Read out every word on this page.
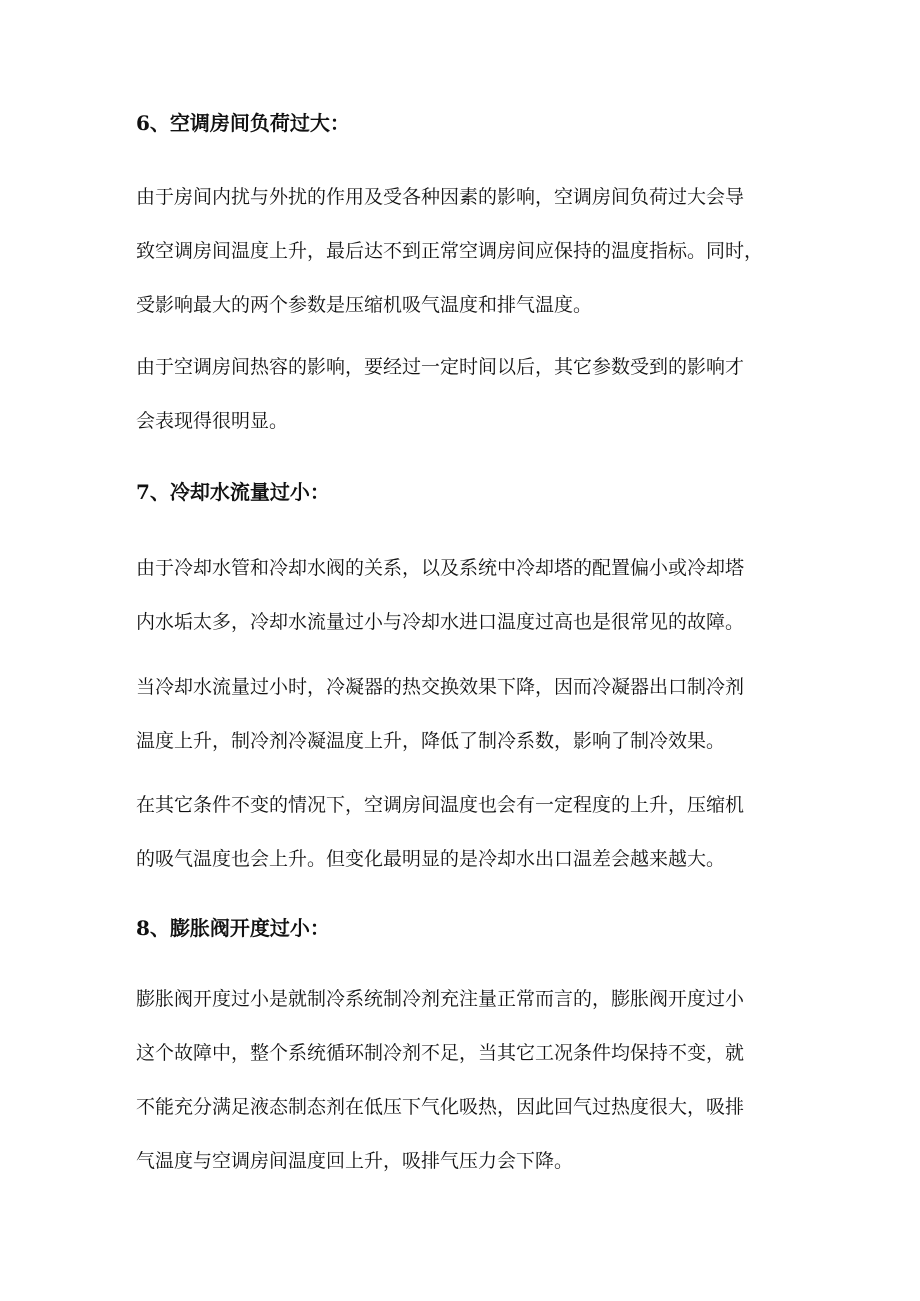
6、空调房间负荷过大：
由于房间内扰与外扰的作用及受各种因素的影响，空调房间负荷过大会导
致空调房间温度上升，最后达不到正常空调房间应保持的温度指标。同时，
受影响最大的两个参数是压缩机吸气温度和排气温度。
由于空调房间热容的影响，要经过一定时间以后，其它参数受到的影响才
会表现得很明显。
7、冷却水流量过小：
由于冷却水管和冷却水阀的关系，以及系统中冷却塔的配置偏小或冷却塔
内水垢太多，冷却水流量过小与冷却水进口温度过高也是很常见的故障。
当冷却水流量过小时，冷凝器的热交换效果下降，因而冷凝器出口制冷剂
温度上升，制冷剂冷凝温度上升，降低了制冷系数，影响了制冷效果。
在其它条件不变的情况下，空调房间温度也会有一定程度的上升，压缩机
的吸气温度也会上升。但变化最明显的是冷却水出口温差会越来越大。
8、膨胀阀开度过小：
膨胀阀开度过小是就制冷系统制冷剂充注量正常而言的，膨胀阀开度过小
这个故障中，整个系统循环制冷剂不足，当其它工况条件均保持不变，就
不能充分满足液态制态剂在低压下气化吸热，因此回气过热度很大，吸排
气温度与空调房间温度回上升，吸排气压力会下降。
